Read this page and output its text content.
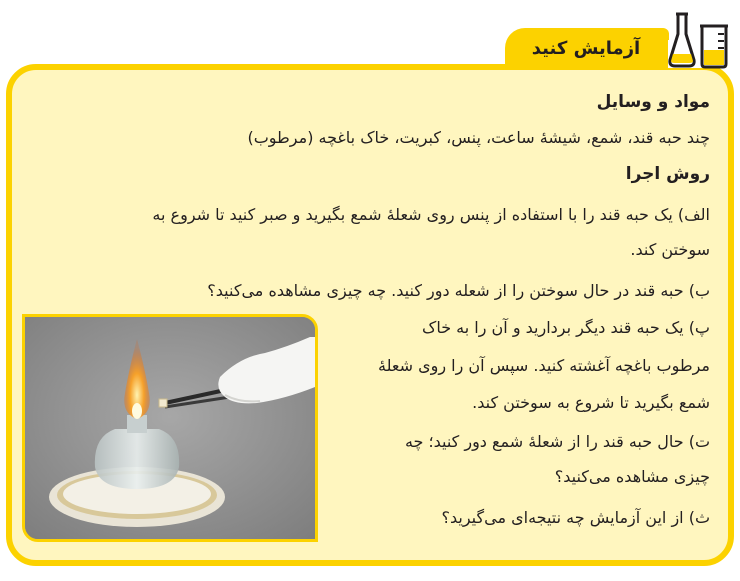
آزمایش کنید
مواد و وسایل
چند حبه قند، شمع، شیشهٔ ساعت، پنس، کبریت، خاک باغچه (مرطوب)
روش اجرا
الف) یک حبه قند را با استفاده از پنس روی شعلهٔ شمع بگیرید و صبر کنید تا شروع به
سوختن کند.
ب) حبه قند در حال سوختن را از شعله دور کنید. چه چیزی مشاهده می‌کنید؟
پ) یک حبه قند دیگر بردارید و آن را به خاک
مرطوب باغچه آغشته کنید. سپس آن را روی شعلهٔ
شمع بگیرید تا شروع به سوختن کند.
ت) حال حبه قند را از شعلهٔ شمع دور کنید؛ چه
چیزی مشاهده می‌کنید؟
ث) از این آزمایش چه نتیجه‌ای می‌گیرید؟
